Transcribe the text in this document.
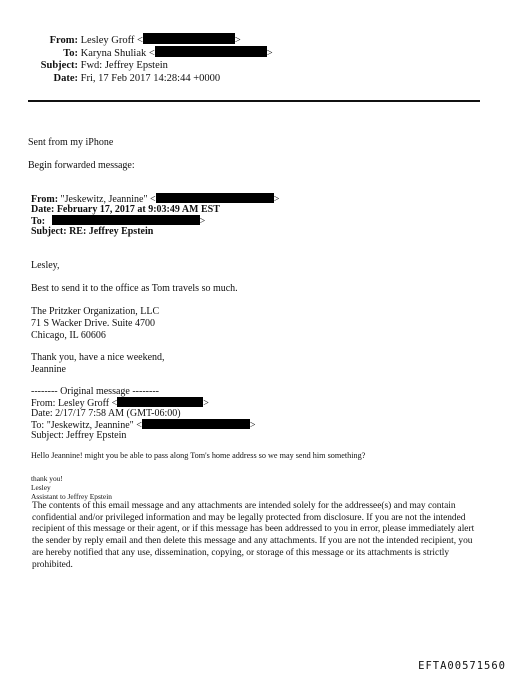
From: Lesley Groff <	>
To: Karyna Shuliak <	>
Subject: Fwd: Jeffrey Epstein
Date: Fri, 17 Feb 2017 14:28:44 +0000
Sent from my iPhone
Begin forwarded message:
From: "Jeskewitz, Jeannine" <	>
Date: February 17, 2017 at 9:03:49 AM EST
To:	>
Subject: RE: Jeffrey Epstein
Lesley,
Best to send it to the office as Tom travels so much.
The Pritzker Organization, LLC
71 S Wacker Drive. Suite 4700
Chicago, IL 60606
Thank you, have a nice weekend,
Jeannine
-------- Original message --------
From: Lesley Groff <	>
Date: 2/17/17 7:58 AM (GMT-06:00)
To: "Jeskewitz, Jeannine" <	>
Subject: Jeffrey Epstein
Hello Jeannine! might you be able to pass along Tom's home address so we may send him something?
thank you!
Lesley
Assistant to Jeffrey Epstein
The contents of this email message and any attachments are intended solely for the addressee(s) and may contain confidential and/or privileged information and may be legally protected from disclosure. If you are not the intended recipient of this message or their agent, or if this message has been addressed to you in error, please immediately alert the sender by reply email and then delete this message and any attachments. If you are not the intended recipient, you are hereby notified that any use, dissemination, copying, or storage of this message or its attachments is strictly prohibited.
EFTA00571560
